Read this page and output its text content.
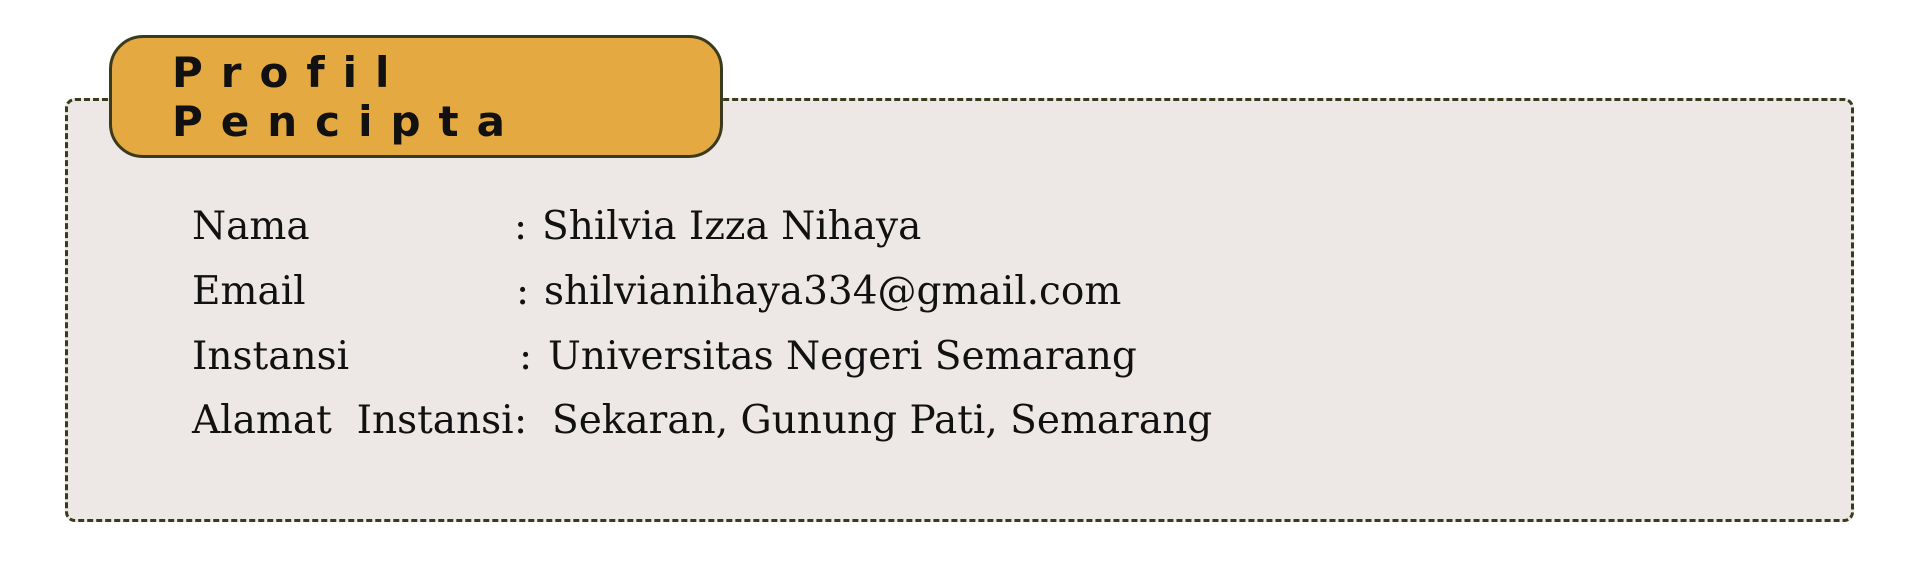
Profil Pencipta
Nama	: Shilvia Izza Nihaya
Email	: shilvianihaya334@gmail.com
Instansi	: Universitas Negeri Semarang
Alamat  Instansi : Sekaran, Gunung Pati, Semarang
